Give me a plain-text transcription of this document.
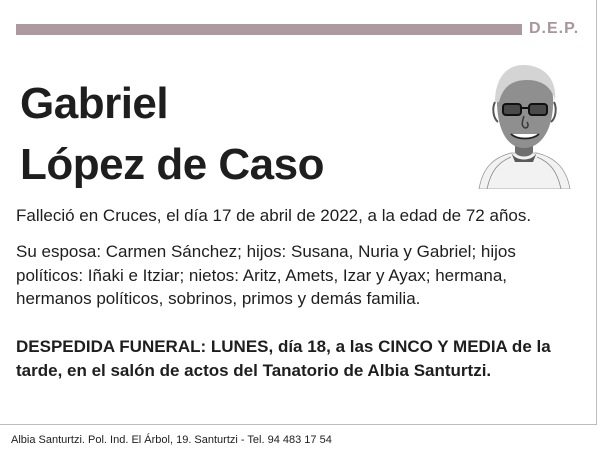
D.E.P.
Gabriel
López de Caso
Falleció en Cruces, el día 17 de abril de 2022, a la edad de 72 años.
Su esposa: Carmen Sánchez; hijos: Susana, Nuria y Gabriel; hijos políticos: Iñaki e Itziar; nietos: Aritz, Amets, Izar y Ayax; hermana, hermanos políticos, sobrinos, primos y demás familia.
DESPEDIDA FUNERAL: LUNES, día 18, a las CINCO Y MEDIA de la tarde, en el salón de actos del Tanatorio de Albia Santurtzi.
Albia Santurtzi. Pol. Ind. El Árbol, 19. Santurtzi - Tel. 94 483 17 54
